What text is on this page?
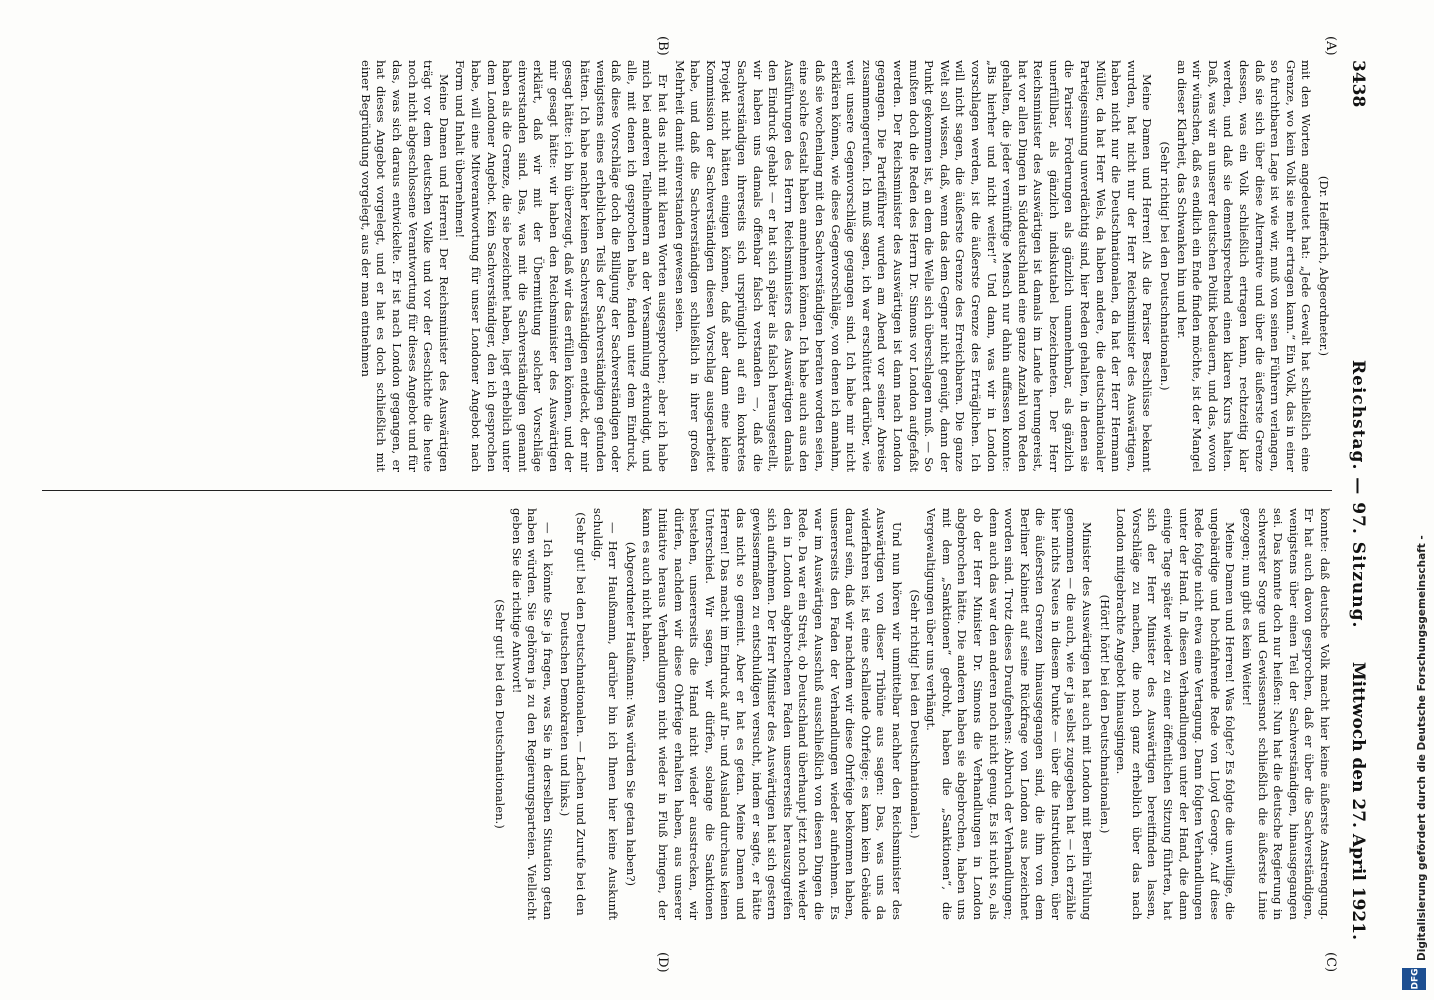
3438
Reichstag. — 97. Sitzung.
Mittwoch den 27. April 1921.
(A)
(B)
(C)
(D)

(Dr. Helfferich, Abgeordneter.)

mit den Worten angedeutet hat: „Jede Gewalt hat schließlich eine Grenze, wo kein Volk sie mehr ertragen kann.“ Ein Volk, das in einer so furchtbaren Lage ist wie wir, muß von seinen Führern verlangen, daß sie sich über diese Alternative und über die äußerste Grenze dessen, was ein Volk schließlich ertragen kann, rechtzeitig klar werden, und daß sie dementsprechend einen klaren Kurs halten. Daß, was wir an unserer deutschen Politik bedauern, und das, wovon wir wünschen, daß es endlich ein Ende finden möchte, ist der Mangel an dieser Klarheit, das Schwanken hin und her.

(Sehr richtig! bei den Deutschnationalen.)

Meine Damen und Herren! Als die Pariser Beschlüsse bekannt wurden, hat nicht nur der Herr Reichsminister des Auswärtigen, haben nicht nur die Deutschnationalen, da hat der Herr Hermann Müller, da hat Herr Wels, da haben andere, die deutschnationaler Parteigesinnung unverdächtig sind, hier Reden gehalten, in denen sie die Pariser Forderungen als gänzlich unannehmbar, als gänzlich unerfüllbar, als gänzlich indiskutabel bezeichneten. Der Herr Reichsminister des Auswärtigen ist damals im Lande herumgereist, hat vor allen Dingen in Süddeutschland eine ganze Anzahl von Reden gehalten, die jeder vernünftige Mensch nur dahin auffassen konnte: „Bis hierher und nicht weiter!“ Und dann, was wir in London vorschlagen werden, ist die äußerste Grenze des Erträglichen. Ich will nicht sagen, die äußerste Grenze des Erreichbaren. Die ganze Welt soll wissen, daß, wenn das dem Gegner nicht genügt, dann der Punkt gekommen ist, an dem die Welle sich überschlagen muß. — So mußten doch die Reden des Herrn Dr. Simons vor London aufgefaßt werden. Der Reichsminister des Auswärtigen ist dann nach London gegangen. Die Parteiführer wurden am Abend vor seiner Abreise zusammengerufen. Ich muß sagen, ich war erschüttert darüber, wie weit unsere Gegenvorschläge gegangen sind. Ich habe mir nicht erklären können, wie diese Gegenvorschläge, von denen ich annahm, daß sie wochenlang mit den Sachverständigen beraten worden seien, eine solche Gestalt haben annehmen können. Ich habe auch aus den Ausführungen des Herrn Reichsministers des Auswärtigen damals den Eindruck gehabt — er hat sich später als falsch herausgestellt, wir haben uns damals offenbar falsch verstanden —, daß die Sachverständigen ihrerseits sich ursprünglich auf ein konkretes Projekt nicht hätten einigen können, daß aber dann eine kleine Kommission der Sachverständigen diesen Vorschlag ausgearbeitet habe, und daß die Sachverständigen schließlich in ihrer großen Mehrheit damit einverstanden gewesen seien.

Er hat das nicht mit klaren Worten ausgesprochen; aber ich habe mich bei anderen Teilnehmern an der Versammlung erkundigt, und alle, mit denen ich gesprochen habe, fanden unter dem Eindruck, daß diese Vorschläge doch die Billigung der Sachverständigen oder wenigstens eines erheblichen Teils der Sachverständigen gefunden hätten. Ich habe nachher keinen Sachverständigen entdeckt, der mir gesagt hätte: ich bin überzeugt, daß wir das erfüllen können, und der mir gesagt hätte: wir haben den Reichsminister des Auswärtigen erklärt, daß wir mit der Übermittlung solcher Vorschläge einverstanden sind. Das, was mit die Sachverständigen genannt haben als die Grenze, die sie bezeichnet haben, liegt erheblich unter dem Londoner Angebot. Kein Sachverständiger, den ich gesprochen habe, will eine Mitverantwortung für unser Londoner Angebot nach Form und Inhalt übernehmen!

Meine Damen und Herren! Der Reichsminister des Auswärtigen trägt vor dem deutschen Volke und vor der Geschichte die heute noch nicht abgeschlossene Verantwortung für dieses Angebot und für das, was sich daraus entwickelte. Er ist nach London gegangen, er hat dieses Angebot vorgelegt, und er hat es doch schließlich mit einer Begründung vorgelegt, aus der man entnehmen

konnte: daß deutsche Volk macht hier keine äußerste Anstrengung. Er hat auch davon gesprochen, daß er über die Sachverständigen, wenigstens über einen Teil der Sachverständigen, hinausgegangen sei. Das konnte doch nur heißen: Nun hat die deutsche Regierung in schwerster Sorge und Gewissensnot schließlich die äußerste Linie gezogen; nun gibt es kein Weiter!

Meine Damen und Herren! Was folgte? Es folgte die unwillige, die ungebärdige und hochfahrende Rede von Lloyd George. Auf diese Rede folgte nicht etwa eine Vertagung. Dann folgten Verhandlungen unter der Hand. In diesen Verhandlungen unter der Hand, die dann einige Tage später wieder zu einer öffentlichen Sitzung führten, hat sich der Herr Minister des Auswärtigen bereitfinden lassen, Vorschläge zu machen, die noch ganz erheblich über das nach London mitgebrachte Angebot hinausgingen.

(Hört! hört! bei den Deutschnationalen.)

Minister des Auswärtigen hat auch mit London mit Berlin Fühlung genommen — die auch, wie er ja selbst zugegeben hat — ich erzähle hier nichts Neues in diesem Punkte — über die Instruktionen, über die äußersten Grenzen hinausgegangen sind, die ihm von dem Berliner Kabinett auf seine Rückfrage von London aus bezeichnet worden sind. Trotz dieses Draufgehens: Abbruch der Verhandlungen; denn auch das war den anderen noch nicht genug. Es ist nicht so, als ob der Herr Minister Dr. Simons die Verhandlungen in London abgebrochen hätte. Die anderen haben sie abgebrochen, haben uns mit dem „Sanktionen“ gedroht, haben die „Sanktionen“, die Vergewaltigungen über uns verhängt.

(Sehr richtig! bei den Deutschnationalen.)

Und nun hören wir unmittelbar nachher den Reichsminister des Auswärtigen von dieser Tribüne aus sagen: Das, was uns da widerfahren ist, ist eine schallende Ohrfeige; es kann kein Gebäude darauf sein, daß wir nachdem wir diese Ohrfeige bekommen haben, unsererseits den Faden der Verhandlungen wieder aufnehmen. Es war im Auswärtigen Ausschuß ausschließlich von diesen Dingen die Rede. Da war ein Streit, ob Deutschland überhaupt jetzt noch wieder den in London abgebrochenen Faden unsererseits herauszugreifen sich aufnehmen. Der Herr Minister des Auswärtigen hat sich gestern gewissermaßen zu entschuldigen versucht, indem er sagte, er hätte das nicht so gemeint. Aber er hat es getan. Meine Damen und Herren! Das macht im Eindruck auf In- und Ausland durchaus keinen Unterschied. Wir sagen, wir dürfen, solange die Sanktionen bestehen, unsererseits die Hand nicht wieder ausstrecken, wir dürfen, nachdem wir diese Ohrfeige erhalten haben, aus unserer Initiative heraus Verhandlungen nicht wieder in Fluß bringen, der kann es auch nicht haben.

(Abgeordneter Haußmann: Was würden Sie getan haben?)

— Herr Haußmann, darüber bin ich Ihnen hier keine Auskunft schuldig.

(Sehr gut! bei den Deutschnationalen. — Lachen und Zurufe bei den Deutschen Demokraten und links.)

— Ich könnte Sie ja fragen, was Sie in derselben Situation getan haben würden. Sie gehören ja zu den Regierungsparteien. Vielleicht geben Sie die richtige Antwort!

(Sehr gut! bei den Deutschnationalen.)	Digitalisierung gefördert durch die Deutsche Forschungsgemeinschaft -
DFG
